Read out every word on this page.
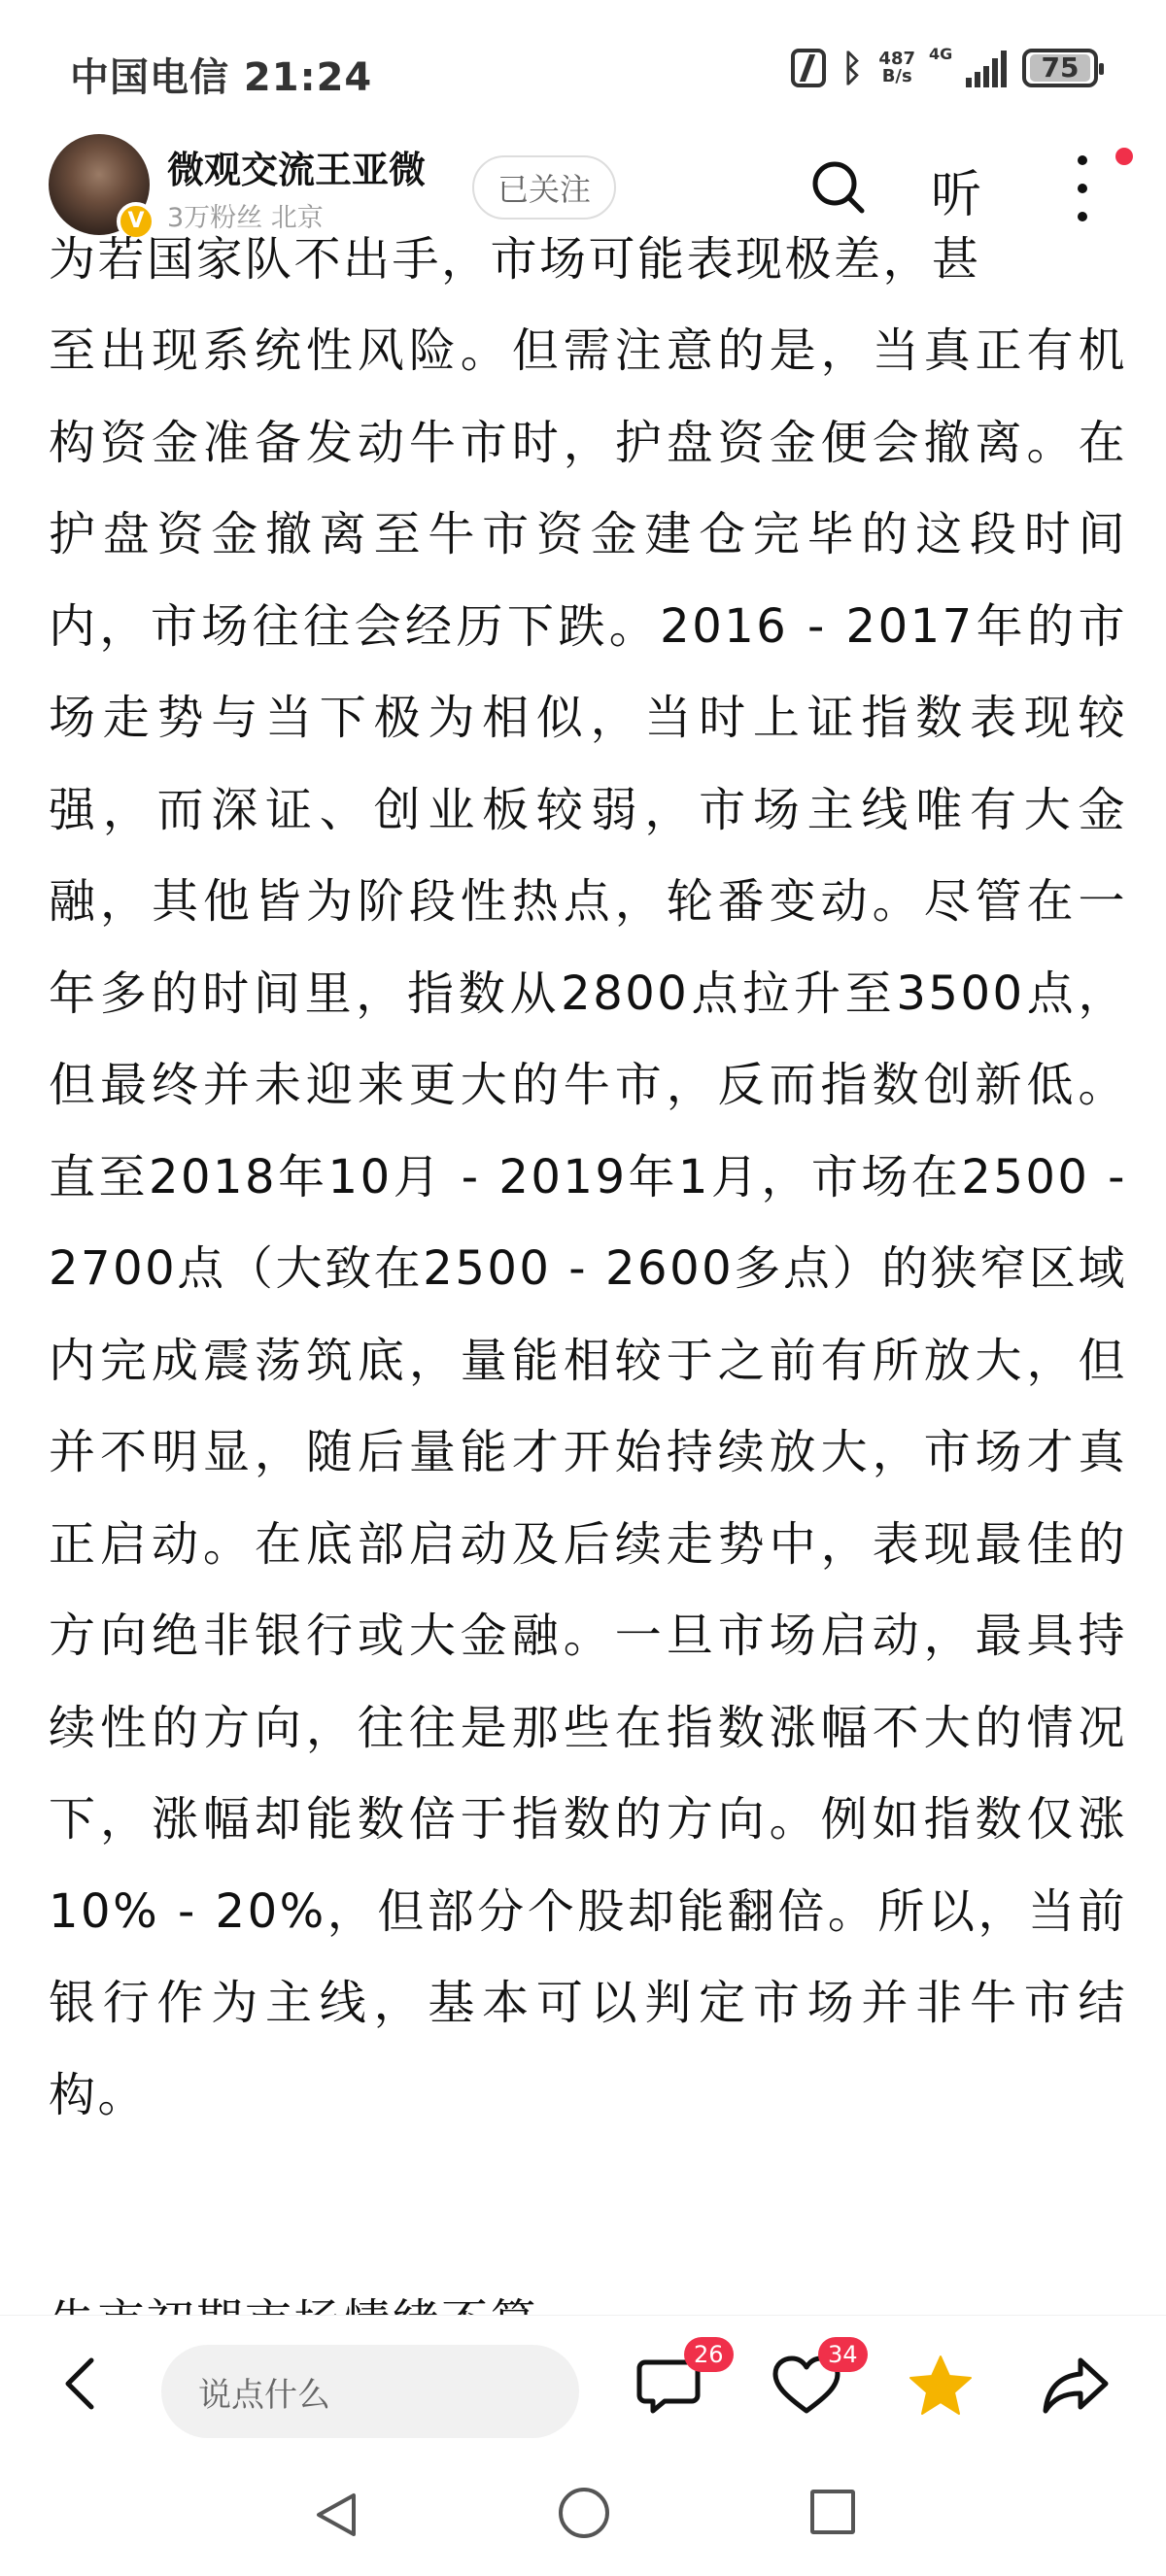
中国电信 21:24	ᛒ 487
B/s
4G	75
V
微观交流王亚微
3万粉丝 北京
已关注	听
为若国家队不出手，市场可能表现极差，甚
至出现系统性风险。但需注意的是，当真正有机构资金准备发动牛市时，护盘资金便会撤离。在护盘资金撤离至牛市资金建仓完毕的这段时间内，市场往往会经历下跌。2016 - 2017年的市场走势与当下极为相似，当时上证指数表现较强，而深证、创业板较弱，市场主线唯有大金融，其他皆为阶段性热点，轮番变动。尽管在一年多的时间里，指数从2800点拉升至3500点，但最终并未迎来更大的牛市，反而指数创新低。直至2018年10月 - 2019年1月，市场在2500 - 2700点（大致在2500 - 2600多点）的狭窄区域内完成震荡筑底，量能相较于之前有所放大，但并不明显，随后量能才开始持续放大，市场才真正启动。在底部启动及后续走势中，表现最佳的方向绝非银行或大金融。一旦市场启动，最具持续性的方向，往往是那些在指数涨幅不大的情况下，涨幅却能数倍于指数的方向。例如指数仅涨10% - 20%，但部分个股却能翻倍。所以，当前银行作为主线，基本可以判定市场并非牛市结构。
说点什么
26	34
